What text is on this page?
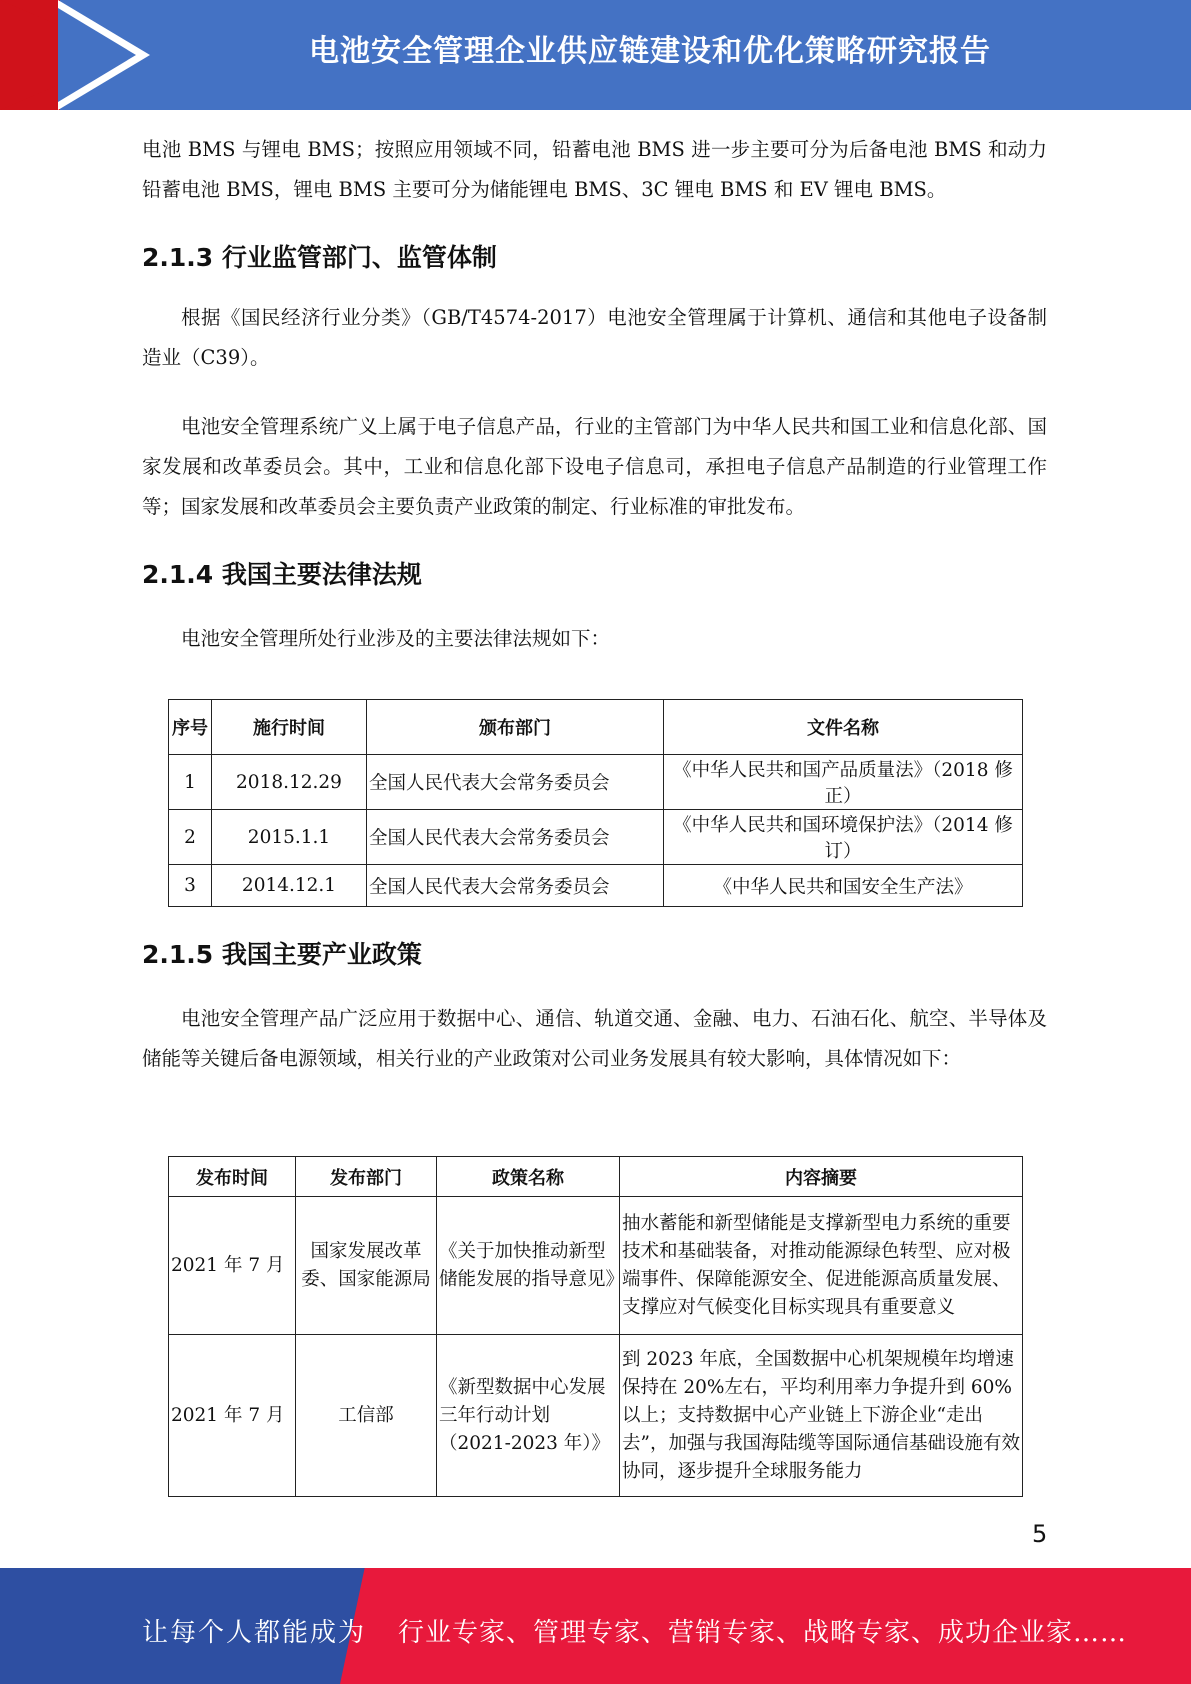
电池安全管理企业供应链建设和优化策略研究报告

电池 BMS 与锂电 BMS；按照应用领域不同，铅蓄电池 BMS 进一步主要可分为后备电池 BMS 和动力铅蓄电池 BMS，锂电 BMS 主要可分为储能锂电 BMS、3C 锂电 BMS 和 EV 锂电 BMS。

2.1.3 行业监管部门、监管体制

根据《国民经济行业分类》（GB/T4574-2017）电池安全管理属于计算机、通信和其他电子设备制造业（C39）。

电池安全管理系统广义上属于电子信息产品，行业的主管部门为中华人民共和国工业和信息化部、国家发展和改革委员会。其中，工业和信息化部下设电子信息司，承担电子信息产品制造的行业管理工作等；国家发展和改革委员会主要负责产业政策的制定、行业标准的审批发布。

2.1.4 我国主要法律法规

电池安全管理所处行业涉及的主要法律法规如下：

序号	施行时间	颁布部门	文件名称
1	2018.12.29	全国人民代表大会常务委员会	《中华人民共和国产品质量法》（2018 修正）
2	2015.1.1	全国人民代表大会常务委员会	《中华人民共和国环境保护法》（2014 修订）
3	2014.12.1	全国人民代表大会常务委员会	《中华人民共和国安全生产法》
2.1.5 我国主要产业政策

电池安全管理产品广泛应用于数据中心、通信、轨道交通、金融、电力、石油石化、航空、半导体及储能等关键后备电源领域，相关行业的产业政策对公司业务发展具有较大影响，具体情况如下：

发布时间	发布部门	政策名称	内容摘要
2021 年 7 月	国家发展改革委、国家能源局	《关于加快推动新型储能发展的指导意见》	抽水蓄能和新型储能是支撑新型电力系统的重要技术和基础装备，对推动能源绿色转型、应对极端事件、保障能源安全、促进能源高质量发展、支撑应对气候变化目标实现具有重要意义
2021 年 7 月	工信部	《新型数据中心发展三年行动计划（2021-2023 年）》	到 2023 年底，全国数据中心机架规模年均增速保持在 20%左右，平均利用率力争提升到 60%以上；支持数据中心产业链上下游企业“走出去”，加强与我国海陆缆等国际通信基础设施有效协同，逐步提升全球服务能力
5
让每个人都能成为 行业专家、管理专家、营销专家、战略专家、成功企业家……
